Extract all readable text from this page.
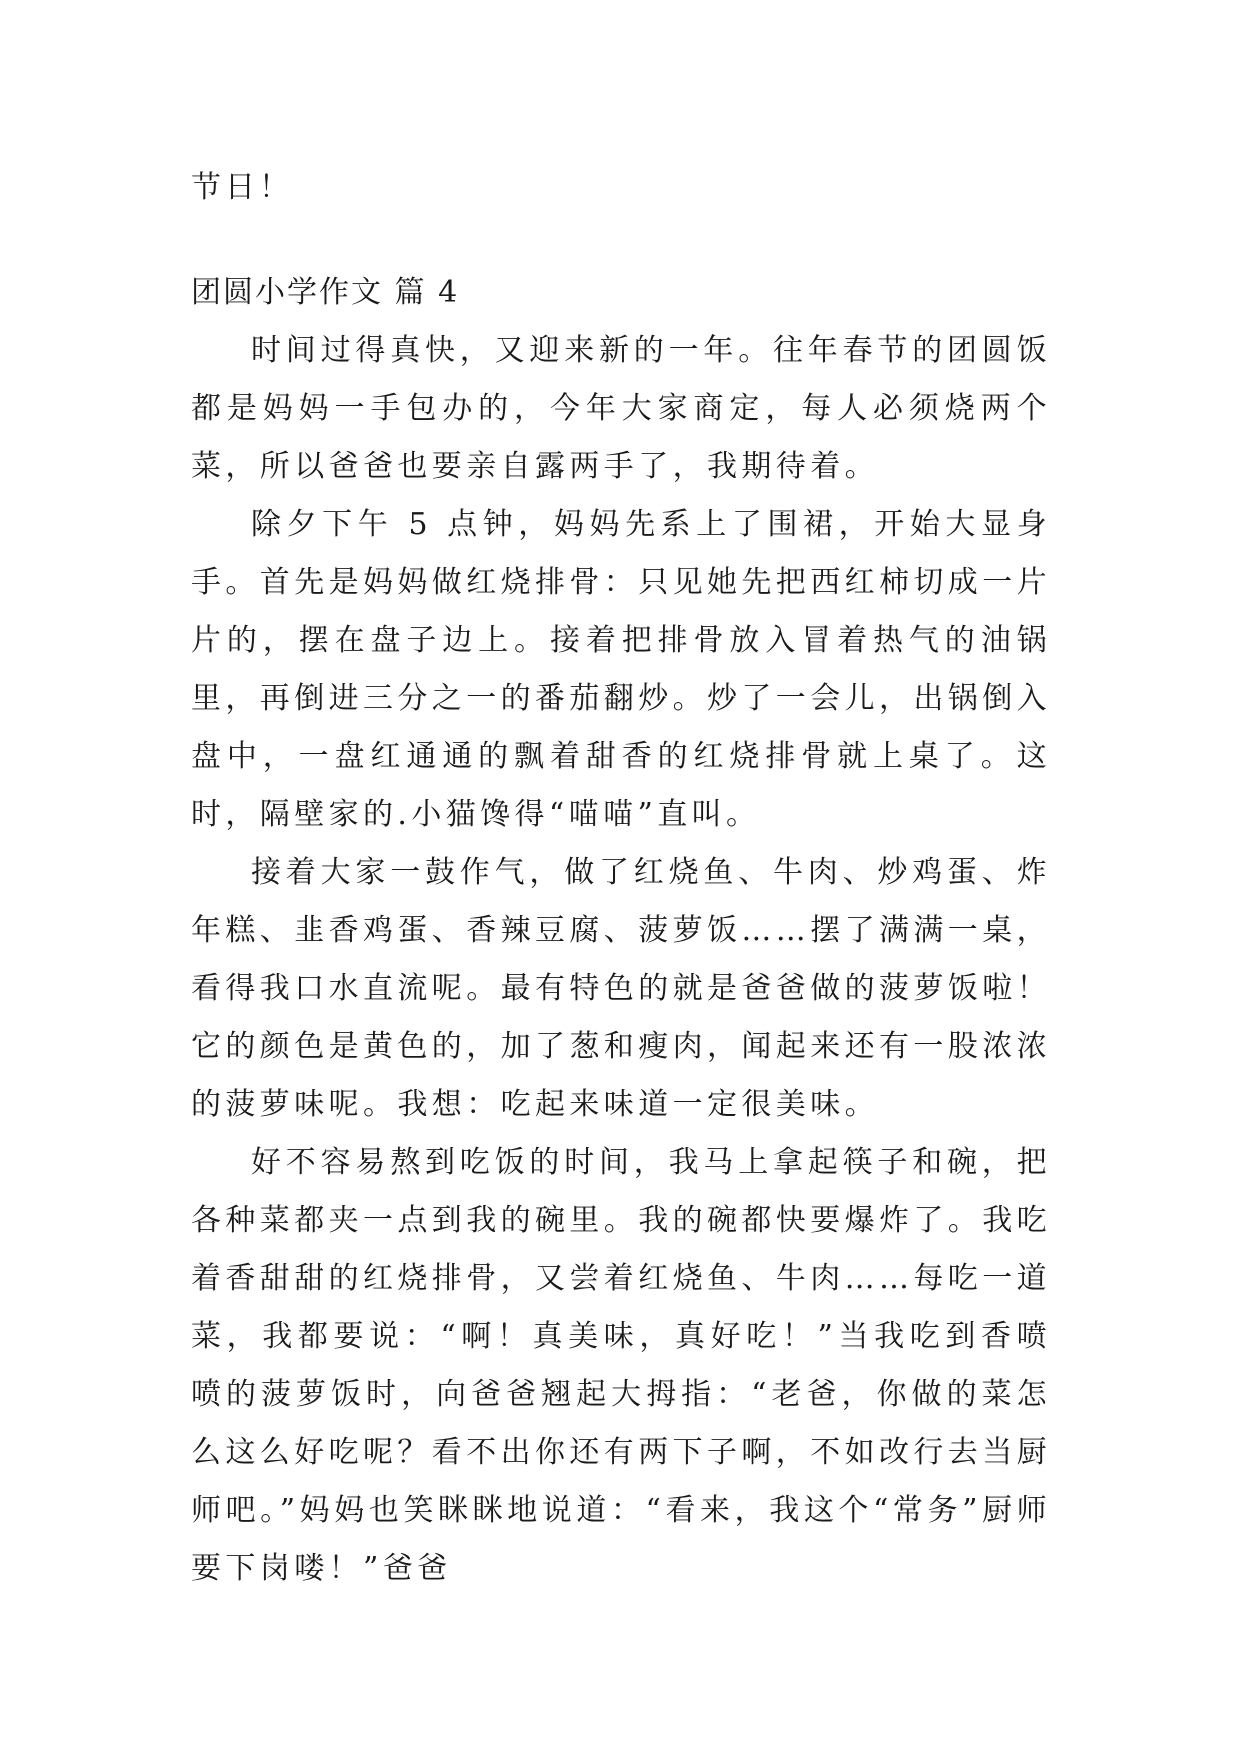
节日！
团圆小学作文 篇 4

时间过得真快，又迎来新的一年。往年春节的团圆饭都是妈妈一手包办的，今年大家商定，每人必须烧两个菜，所以爸爸也要亲自露两手了，我期待着。

除夕下午 5 点钟，妈妈先系上了围裙，开始大显身手。首先是妈妈做红烧排骨：只见她先把西红柿切成一片片的，摆在盘子边上。接着把排骨放入冒着热气的油锅里，再倒进三分之一的番茄翻炒。炒了一会儿，出锅倒入盘中，一盘红通通的飘着甜香的红烧排骨就上桌了。这时，隔壁家的.小猫馋得“喵喵”直叫。

接着大家一鼓作气，做了红烧鱼、牛肉、炒鸡蛋、炸年糕、韭香鸡蛋、香辣豆腐、菠萝饭……摆了满满一桌，看得我口水直流呢。最有特色的就是爸爸做的菠萝饭啦！它的颜色是黄色的，加了葱和瘦肉，闻起来还有一股浓浓的菠萝味呢。我想：吃起来味道一定很美味。

好不容易熬到吃饭的时间，我马上拿起筷子和碗，把各种菜都夹一点到我的碗里。我的碗都快要爆炸了。我吃着香甜甜的红烧排骨，又尝着红烧鱼、牛肉……每吃一道菜，我都要说：“啊！真美味，真好吃！”当我吃到香喷喷的菠萝饭时，向爸爸翘起大拇指：“老爸，你做的菜怎么这么好吃呢？看不出你还有两下子啊，不如改行去当厨师吧。”妈妈也笑眯眯地说道：“看来，我这个“常务”厨师要下岗喽！”爸爸
